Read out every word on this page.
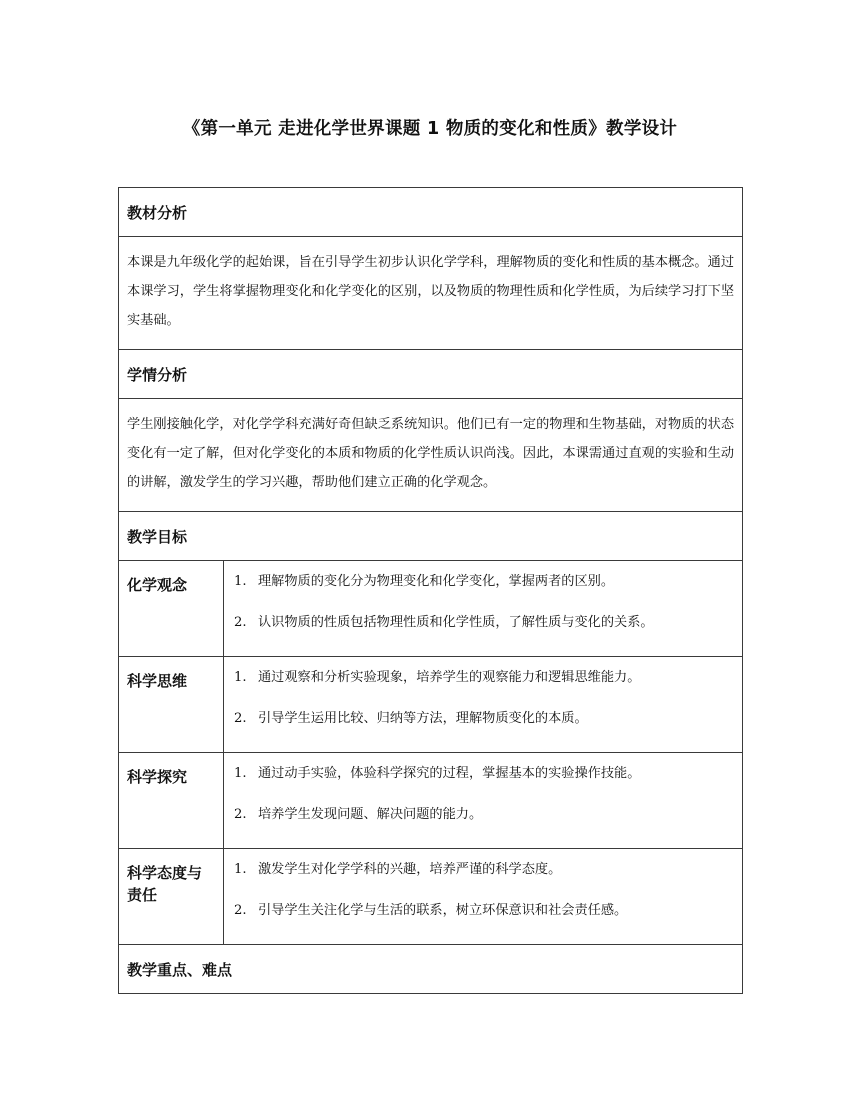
《第一单元 走进化学世界课题 1 物质的变化和性质》教学设计
教材分析	

本课是九年级化学的起始课，旨在引导学生初步认识化学学科，理解物质的变化和性质的基本概念。通过本课学习，学生将掌握物理变化和化学变化的区别，以及物质的物理性质和化学性质，为后续学习打下坚实基础。	

学情分析	

学生刚接触化学，对化学学科充满好奇但缺乏系统知识。他们已有一定的物理和生物基础，对物质的状态变化有一定了解，但对化学变化的本质和物质的化学性质认识尚浅。因此，本课需通过直观的实验和生动的讲解，激发学生的学习兴趣，帮助他们建立正确的化学观念。	

教学目标	

化学观念	1. 理解物质的变化分为物理变化和化学变化，掌握两者的区别。
2. 认识物质的性质包括物理性质和化学性质，了解性质与变化的关系。

科学思维	1. 通过观察和分析实验现象，培养学生的观察能力和逻辑思维能力。
2. 引导学生运用比较、归纳等方法，理解物质变化的本质。

科学探究	1. 通过动手实验，体验科学探究的过程，掌握基本的实验操作技能。
2. 培养学生发现问题、解决问题的能力。

科学态度与责任	1. 激发学生对化学学科的兴趣，培养严谨的科学态度。
2. 引导学生关注化学与生活的联系，树立环保意识和社会责任感。

教学重点、难点	
